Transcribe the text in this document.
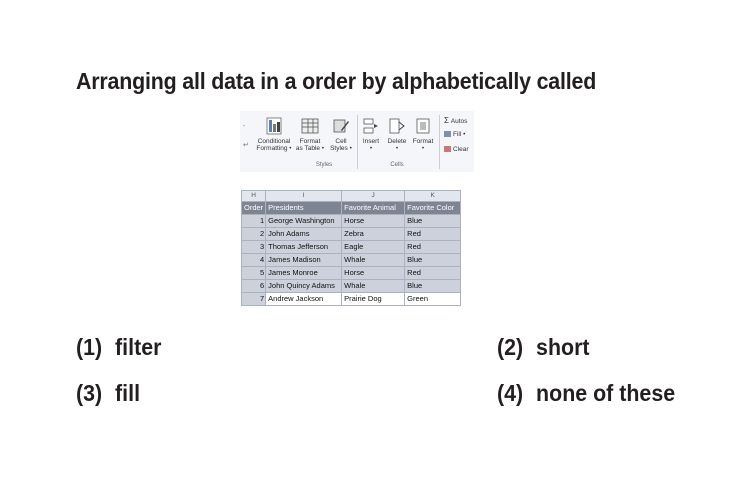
Arranging all data in a order by alphabetically called
-
↵
Conditional
Formatting •
Format
as Table •
Cell
Styles •
Insert
•
Delete
•
Format
•
Σ Autos
Fill •
Clear
Styles	Cells
H	I	J	K
Order	Presidents	Favorite Animal	Favorite Color
1	George Washington	Horse	Blue
2	John Adams	Zebra	Red
3	Thomas Jefferson	Eagle	Red
4	James Madison	Whale	Blue
5	James Monroe	Horse	Red
6	John Quincy Adams	Whale	Blue
7	Andrew Jackson	Prairie Dog	Green
(1) filter	(2) short
(3) fill	(4) none of these
